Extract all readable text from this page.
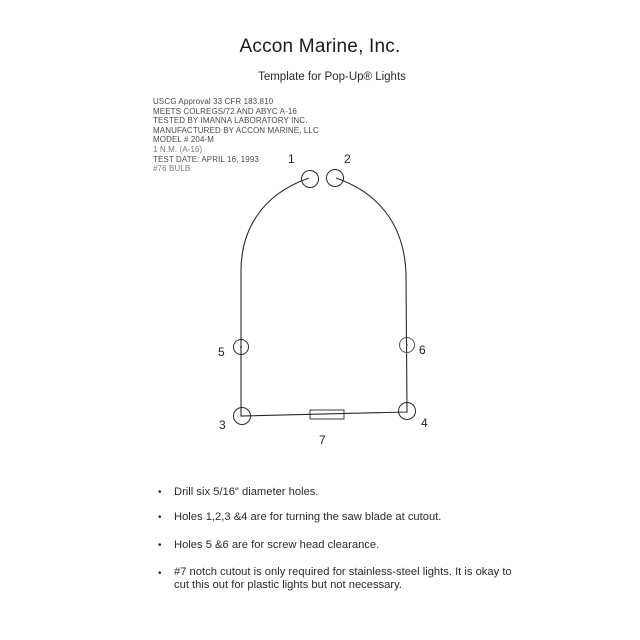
Accon Marine, Inc.
Template for Pop-Up® Lights
USCG Approval 33 CFR 183.810
MEETS COLREGS/72 AND ABYC A-16
TESTED BY IMANNA LABORATORY INC.
MANUFACTURED BY ACCON MARINE, LLC
MODEL # 204-M
1 N.M. (A-16)
TEST DATE: APRIL 16, 1993
#76 BULB
1	2
5	6
3	4
7
• Drill six 5/16" diameter holes.
• Holes 1,2,3 &4 are for turning the saw blade at cutout.
• Holes 5 &6 are for screw head clearance.
• #7 notch cutout is only required for stainless-steel lights. It is okay to cut this out for plastic lights but not necessary.
